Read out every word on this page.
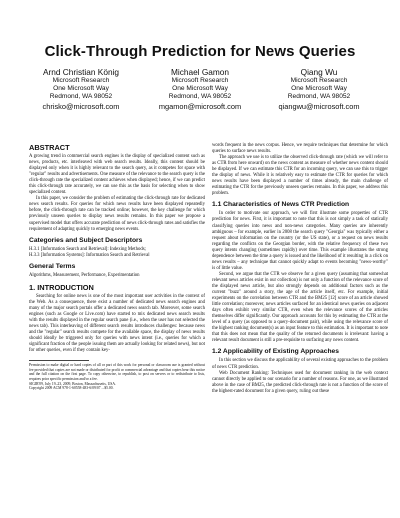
Click-Through Prediction for News Queries
Arnd Christian König
Microsoft Research
One Microsoft Way
Redmond, WA 98052
chrisko@microsoft.com
Michael Gamon
Microsoft Research
One Microsoft Way
Redmond, WA 98052
mgamon@microsoft.com
Qiang Wu
Microsoft Research
One Microsoft Way
Redmond, WA 98052
qiangwu@microsoft.com
ABSTRACT
A growing trend in commercial search engines is the display of specialized content such as news, products, etc. interleaved with web search results. Ideally, this content should be displayed only when it is highly relevant to the search query, as it competes for space with "regular" results and advertisements. One measure of the relevance to the search query is the click-through rate the specialized content achieves when displayed; hence, if we can predict this click-through rate accurately, we can use this as the basis for selecting when to show specialized content.
In this paper, we consider the problem of estimating the click-through rate for dedicated news search results. For queries for which news results have been displayed repeatedly before, the click-through rate can be tracked online; however, the key challenge for which previously unseen queries to display news results remains. In this paper we propose a supervised model that offers accurate prediction of news click-through rates and satisfies the requirement of adapting quickly to emerging news events.
Categories and Subject Descriptors
H.3.1 [Information Search and Retrieval]: Indexing Methods;
H.3.3 [Information Systems]: Information Search and Retrieval
General Terms
Algorithms, Measurement, Performance, Experimentation
1. INTRODUCTION
Searching for online news is one of the most important user activities in the context of the Web. As a consequence, there exist a number of dedicated news search engines and many of the major search portals offer a dedicated news search tab. Moreover, some search engines (such as Google or Live.com) have started to mix dedicated news search results with the results displayed in the regular search pane (i.e., when the user has not selected the news tab). This interleaving of different search results introduces challenges: because news and the "regular" search results compete for the available space, the display of news results should ideally be triggered only for queries with news intent (i.e., queries for which a significant fraction of the people issuing them are actually looking for related news), but not for other queries, even if they contain key-
Permission to make digital or hard copies of all or part of this work for personal or classroom use is granted without fee provided that copies are not made or distributed for profit or commercial advantage and that copies bear this notice and the full citation on the first page. To copy otherwise, to republish, to post on servers or to redistribute to lists, requires prior specific permission and/or a fee.
SIGIR'09, July 19–23, 2009, Boston, Massachusetts, USA.
Copyright 2009 ACM 978-1-60558-483-6/09/07 ...$5.00.
words frequent in the news corpus. Hence, we require techniques that determine for which queries to surface news results.
The approach we use is to utilize the observed click-through rate (which we will refer to as CTR from here onward) on the news content as measure of whether news content should be displayed. If we can estimate this CTR for an incoming query, we can use this to trigger the display of news. While it is relatively easy to estimate the CTR for queries for which news results have been displayed a number of times already, the main challenge of estimating the CTR for the previously unseen queries remains. In this paper, we address this problem.
1.1 Characteristics of News CTR Prediction
In order to motivate our approach, we will first illustrate some properties of CTR prediction for news. First, it is important to note that this is not simply a task of statically classifying queries into news and non-news categories. Many queries are inherently ambiguous – for example, earlier in 2008 the search query "Georgia" was typically either a request about information on the country (or the US state), or a request on news results regarding the conflicts on the Georgian border, with the relative frequency of these two query intents changing (sometimes rapidly) over time. This example illustrates the strong dependence between the time a query is issued and the likelihood of it resulting in a click on news results – any technique that cannot quickly adapt to events becoming "news-worthy" is of little value.
Second, we argue that the CTR we observe for a given query (assuming that somewhat relevant news articles exist in our collection) is not only a function of the relevance score of the displayed news article, but also strongly depends on additional factors such as the current "buzz" around a story, the age of the article itself, etc. For example, initial experiments on the correlation between CTR and the BM25 [12] score of an article showed little correlation; moreover, news articles surfaced for an identical news queries on adjacent days often exhibit very similar CTR, even when the relevance scores of the articles themselves differ significantly. Our approach accounts for this by estimating the CTR at the level of a query (as opposed to a query-document pair), while using the relevance score of the highest ranking document(s) as an input feature to this estimation. It is important to note that this does not mean that the quality of the returned documents is irrelevant: having a relevant result document is still a pre-requisite to surfacing any news content.
1.2 Applicability of Existing Approaches
In this section we discuss the applicability of several existing approaches to the problem of news CTR prediction.
Web Document Ranking: Techniques used for document ranking in the web context cannot directly be applied to our scenario for a number of reasons. For one, as we illustrated above in the case of BM25, the predicted click-through rate is not a function of the score of the highest-rated document for a given query, ruling out these
